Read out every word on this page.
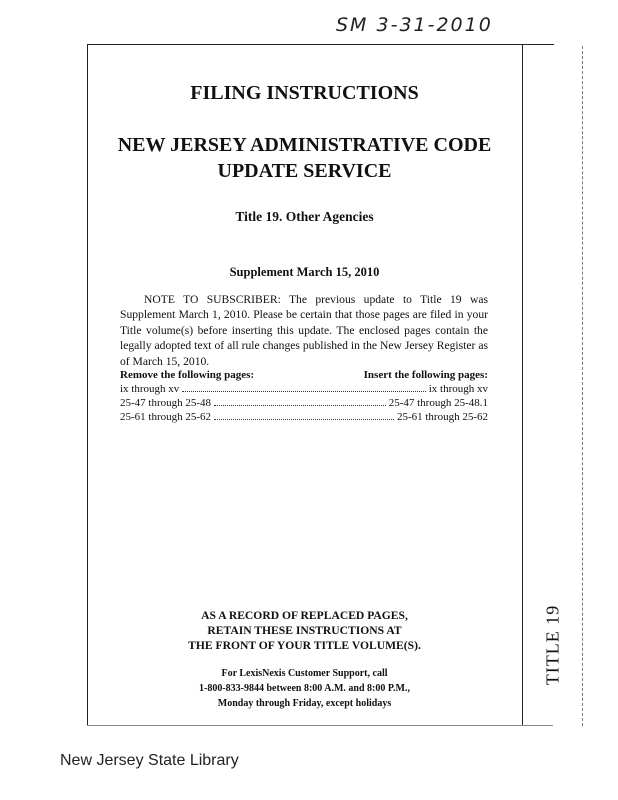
SM 3-31-2010
TITLE 19
FILING INSTRUCTIONS
NEW JERSEY ADMINISTRATIVE CODE
UPDATE SERVICE
Title 19. Other Agencies
Supplement March 15, 2010
NOTE TO SUBSCRIBER: The previous update to Title 19 was Supplement March 1, 2010. Please be certain that those pages are filed in your Title volume(s) before inserting this update. The enclosed pages contain the legally adopted text of all rule changes published in the New Jersey Register as of March 15, 2010.
Remove the following pages:	Insert the following pages:
ix through xv	ix through xv
25-47 through 25-48	25-47 through 25-48.1
25-61 through 25-62	25-61 through 25-62
AS A RECORD OF REPLACED PAGES,
RETAIN THESE INSTRUCTIONS AT
THE FRONT OF YOUR TITLE VOLUME(S).
For LexisNexis Customer Support, call
1-800-833-9844 between 8:00 A.M. and 8:00 P.M.,
Monday through Friday, except holidays
New Jersey State Library
